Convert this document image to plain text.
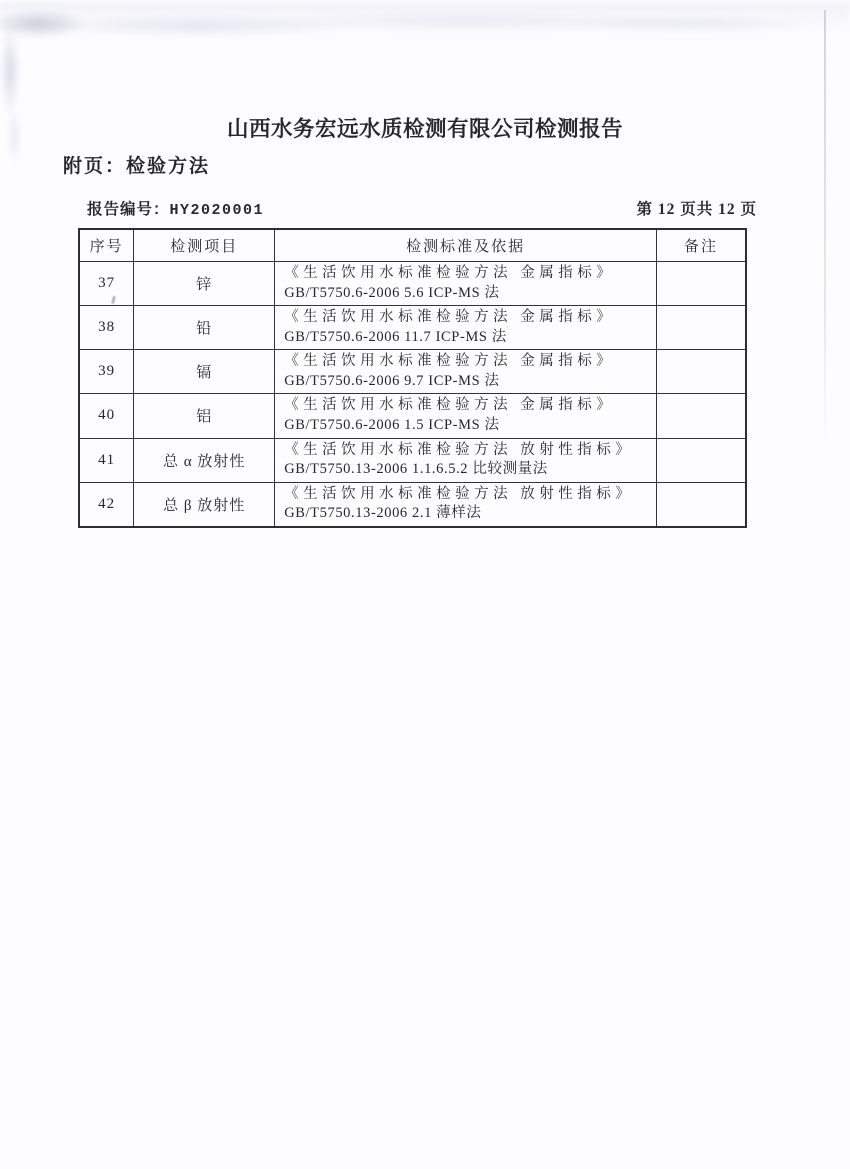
山西水务宏远水质检测有限公司检测报告
附页：检验方法
报告编号：HY2020001	第 12 页共 12 页
序号	检测项目	检测标准及依据	备注
37	锌	《生活饮用水标准检验方法 金属指标》
GB/T5750.6-2006 5.6 ICP-MS 法	

38	铅	《生活饮用水标准检验方法 金属指标》
GB/T5750.6-2006 11.7 ICP-MS 法	

39	镉	《生活饮用水标准检验方法 金属指标》
GB/T5750.6-2006 9.7 ICP-MS 法	

40	铝	《生活饮用水标准检验方法 金属指标》
GB/T5750.6-2006 1.5 ICP-MS 法	

41	总 α 放射性	《生活饮用水标准检验方法 放射性指标》
GB/T5750.13-2006 1.1.6.5.2 比较测量法	

42	总 β 放射性	《生活饮用水标准检验方法 放射性指标》
GB/T5750.13-2006 2.1 薄样法	
